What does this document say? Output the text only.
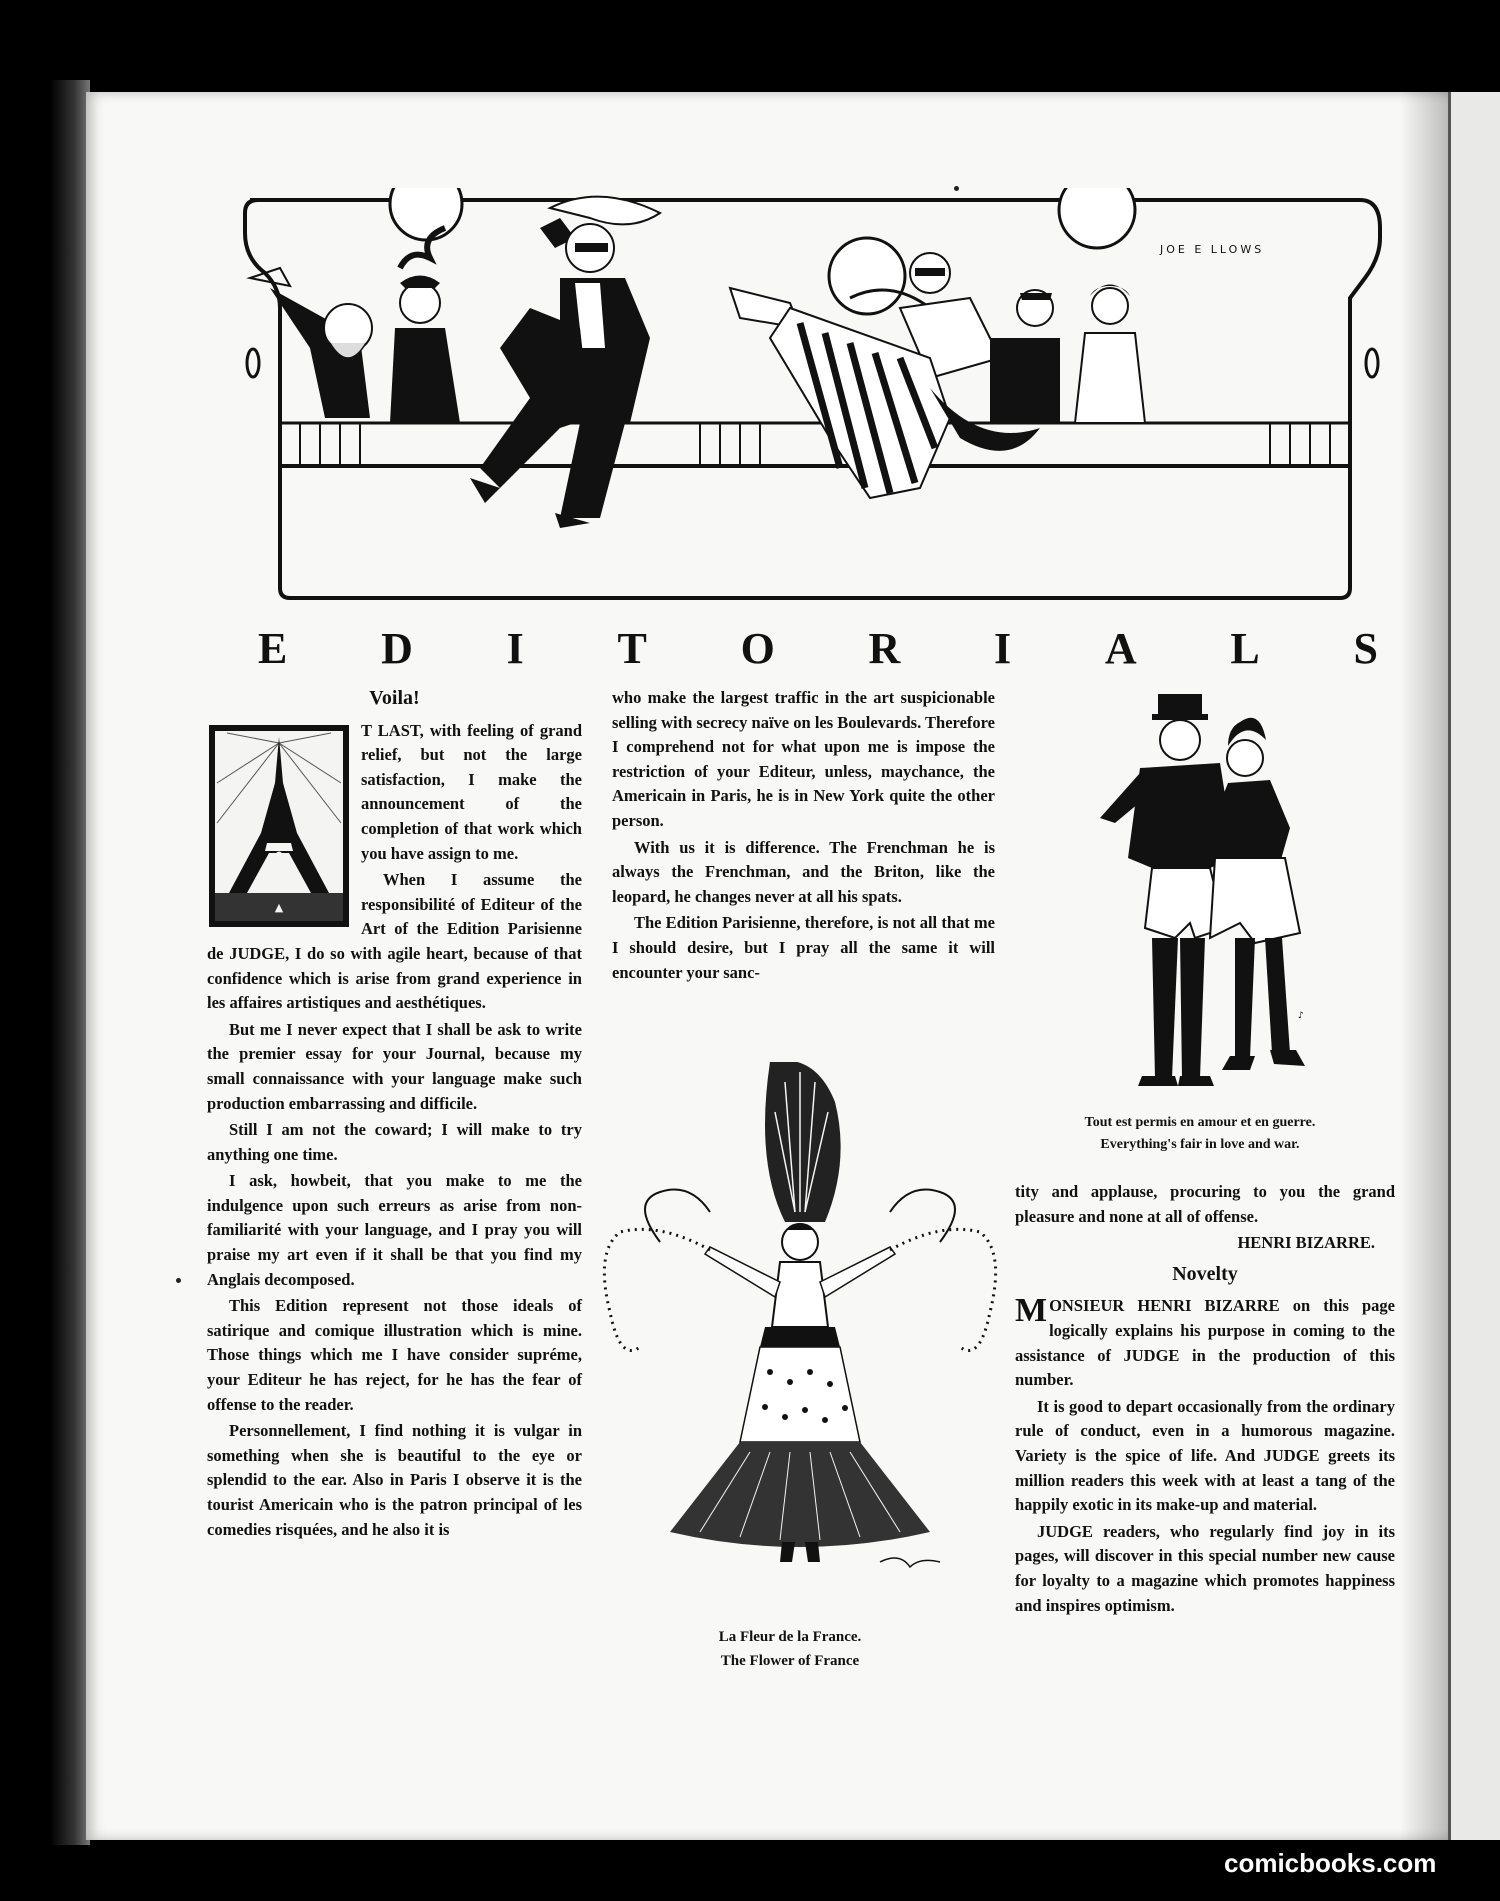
JOE E LLOWS
E D I T O R I A L S
Voila!
▲

T LAST, with feeling of grand relief, but not the large satisfaction, I make the announcement of the completion of that work which you have assign to me.

When I assume the responsibilité of Editeur of the Art of the Edition Parisienne de JUDGE, I do so with agile heart, because of that confidence which is arise from grand experience in les affaires artistiques and aesthétiques.

But me I never expect that I shall be ask to write the premier essay for your Journal, because my small connaissance with your language make such production embarrassing and difficile.

Still I am not the coward; I will make to try anything one time.

I ask, howbeit, that you make to me the indulgence upon such erreurs as arise from non-familiarité with your language, and I pray you will praise my art even if it shall be that you find my Anglais decomposed.

This Edition represent not those ideals of satirique and comique illustration which is mine. Those things which me I have consider supréme, your Editeur he has reject, for he has the fear of offense to the reader.

Personnellement, I find nothing it is vulgar in something when she is beautiful to the eye or splendid to the ear. Also in Paris I observe it is the tourist Americain who is the patron principal of les comedies risquées, and he also it is

who make the largest traffic in the art suspicionable selling with secrecy naïve on les Boulevards. Therefore I comprehend not for what upon me is impose the restriction of your Editeur, unless, maychance, the Americain in Paris, he is in New York quite the other person.

With us it is difference. The Frenchman he is always the Frenchman, and the Briton, like the leopard, he changes never at all his spats.

The Edition Parisienne, therefore, is not all that me I should desire, but I pray all the same it will encounter your sanc-

♪
Tout est permis en amour et en guerre.
Everything's fair in love and war.
La Fleur de la France.
The Flower of France

tity and applause, procuring to you the grand pleasure and none at all of offense.

HENRI BIZARRE.

Novelty

MONSIEUR HENRI BIZARRE on this page logically explains his purpose in coming to the assistance of JUDGE in the production of this number.

It is good to depart occasionally from the ordinary rule of conduct, even in a humorous magazine. Variety is the spice of life. And JUDGE greets its million readers this week with at least a tang of the happily exotic in its make-up and material.

JUDGE readers, who regularly find joy in its pages, will discover in this special number new cause for loyalty to a magazine which promotes happiness and inspires optimism.

comicbooks.com
